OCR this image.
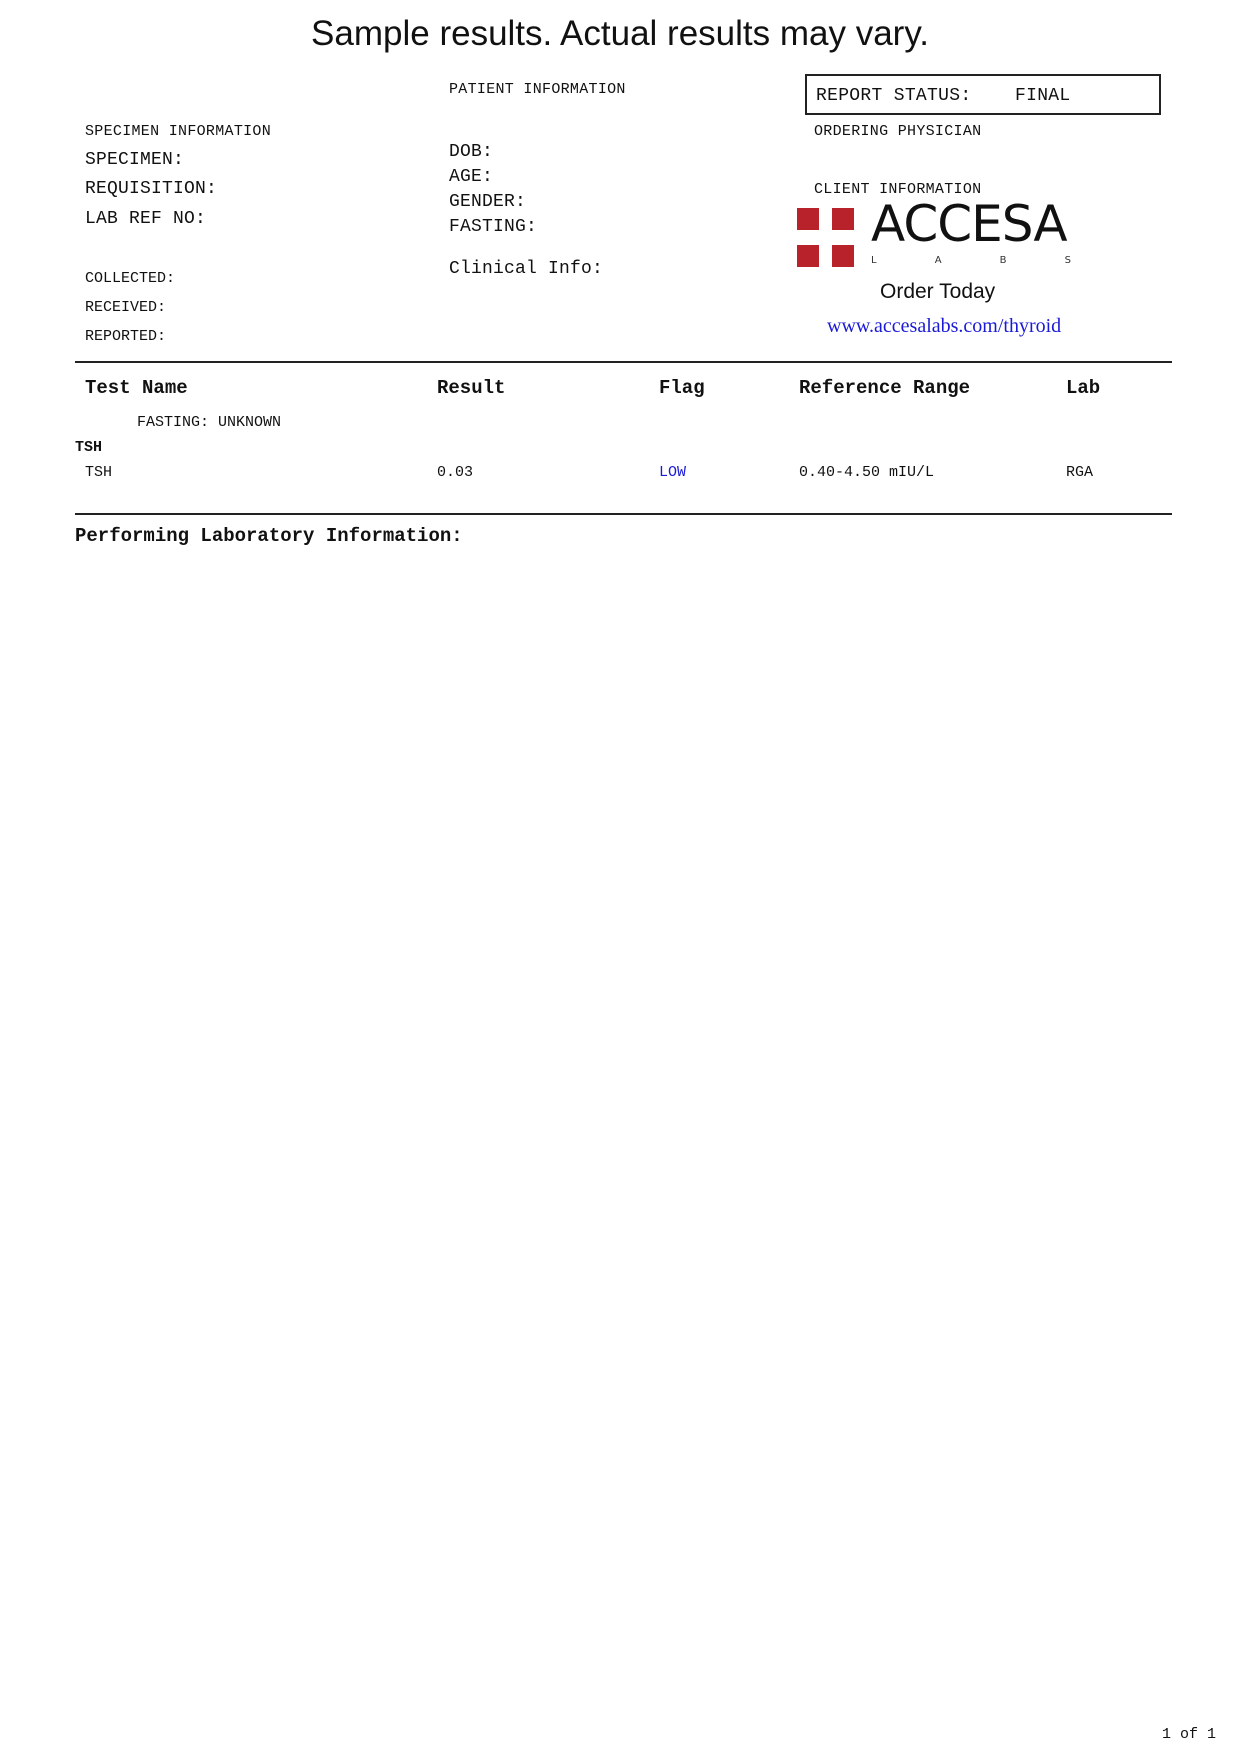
Sample results. Actual results may vary.
PATIENT INFORMATION
DOB:
AGE:
GENDER:
FASTING:
Clinical Info:
SPECIMEN INFORMATION
SPECIMEN:
REQUISITION:
LAB REF NO:
COLLECTED:
RECEIVED:
REPORTED:
REPORT STATUS: FINAL
ORDERING PHYSICIAN
CLIENT INFORMATION
ACCESA
L	A	B	S
Order Today
www.accesalabs.com/thyroid
Test Name	Result	Flag	Reference Range	Lab
FASTING: UNKNOWN
TSH
TSH	0.03	LOW	0.40-4.50 mIU/L	RGA
Performing Laboratory Information:
1 of 1
